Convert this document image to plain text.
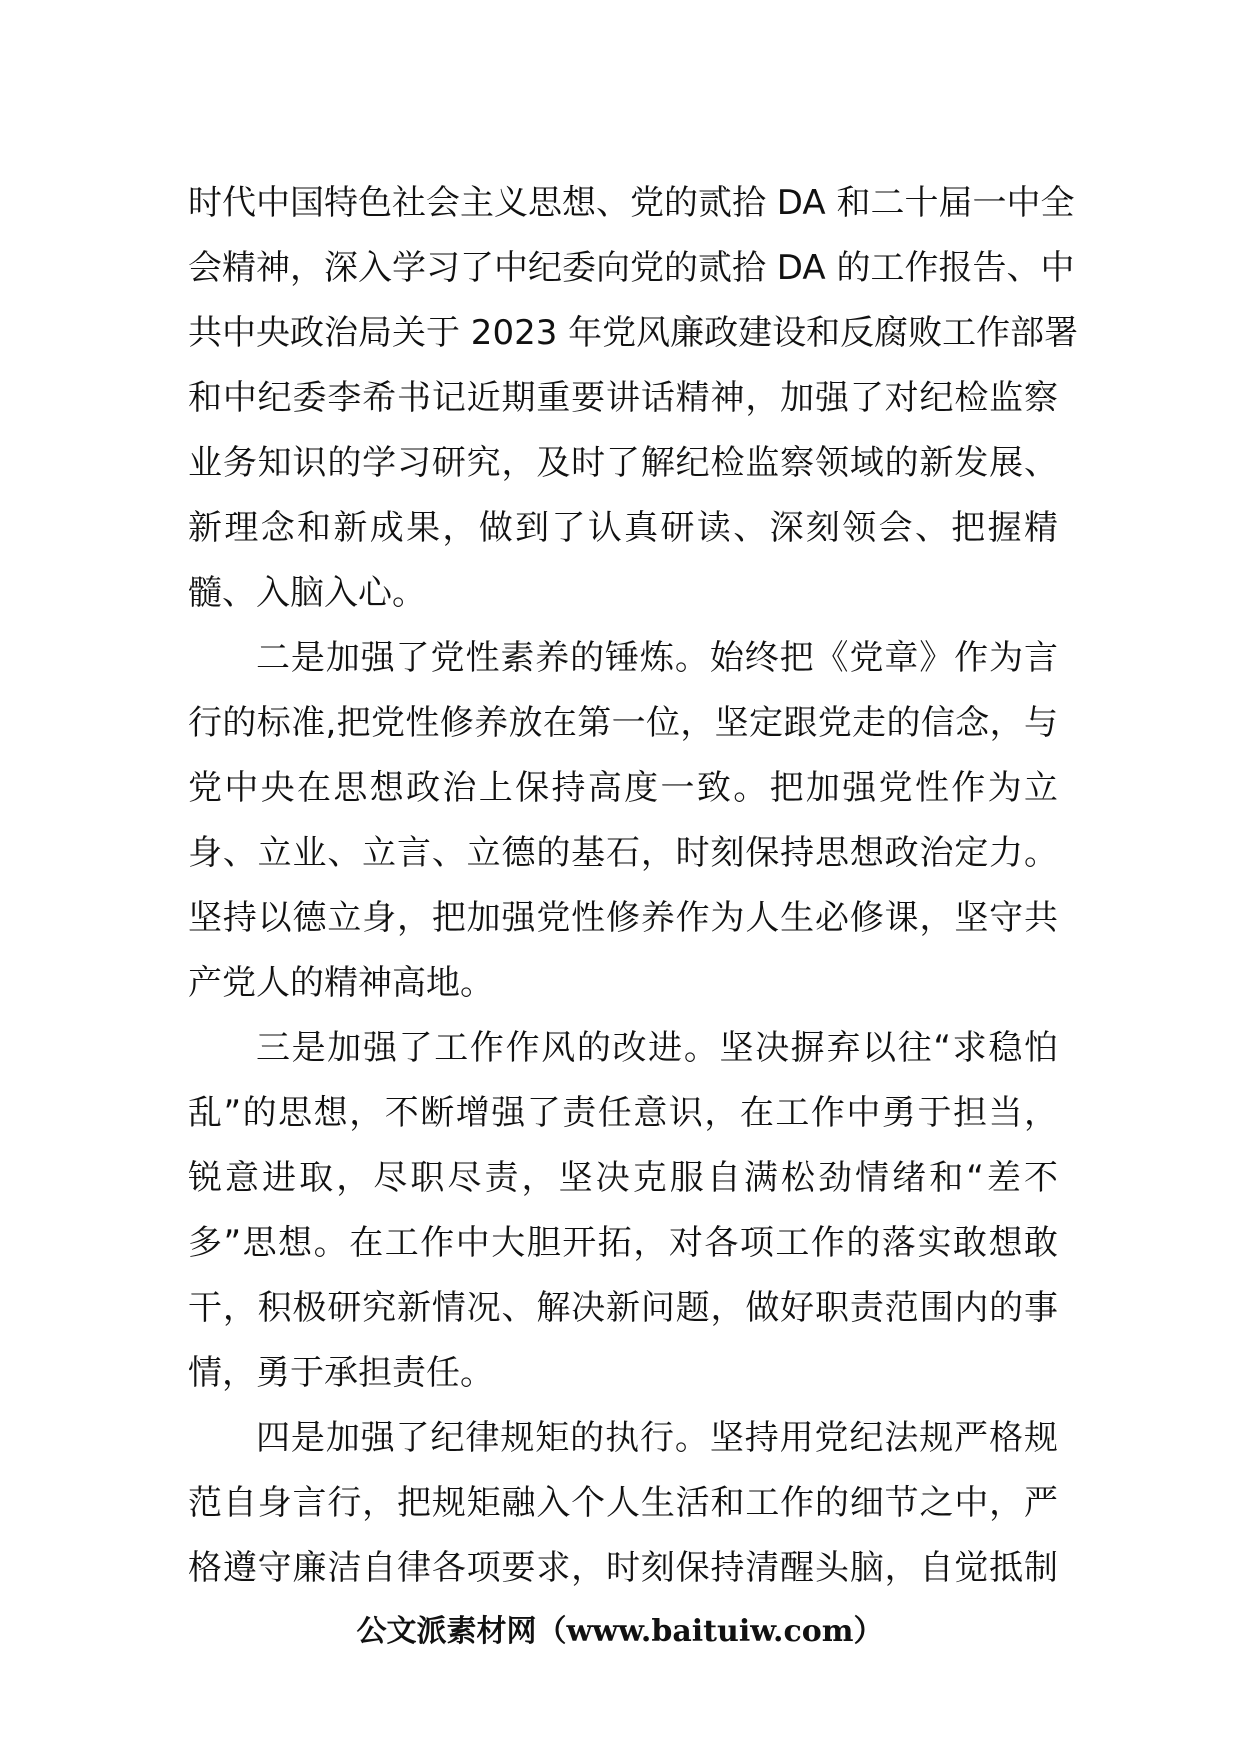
时代中国特色社会主义思想、党的贰拾 DA 和二十届一中全
会精神，深入学习了中纪委向党的贰拾 DA 的工作报告、中
共中央政治局关于 2023 年党风廉政建设和反腐败工作部署
和中纪委李希书记近期重要讲话精神，加强了对纪检监察
业务知识的学习研究，及时了解纪检监察领域的新发展、
新理念和新成果，做到了认真研读、深刻领会、把握精
髓、入脑入心。
二是加强了党性素养的锤炼。始终把《党章》作为言
行的标准,把党性修养放在第一位，坚定跟党走的信念，与
党中央在思想政治上保持高度一致。把加强党性作为立
身、立业、立言、立德的基石，时刻保持思想政治定力。
坚持以德立身，把加强党性修养作为人生必修课，坚守共
产党人的精神高地。
三是加强了工作作风的改进。坚决摒弃以往“求稳怕
乱”的思想，不断增强了责任意识，在工作中勇于担当，
锐意进取，尽职尽责，坚决克服自满松劲情绪和“差不
多”思想。在工作中大胆开拓，对各项工作的落实敢想敢
干，积极研究新情况、解决新问题，做好职责范围内的事
情，勇于承担责任。
四是加强了纪律规矩的执行。坚持用党纪法规严格规
范自身言行，把规矩融入个人生活和工作的细节之中，严
格遵守廉洁自律各项要求，时刻保持清醒头脑，自觉抵制
公文派素材网（www.baituiw.com）
